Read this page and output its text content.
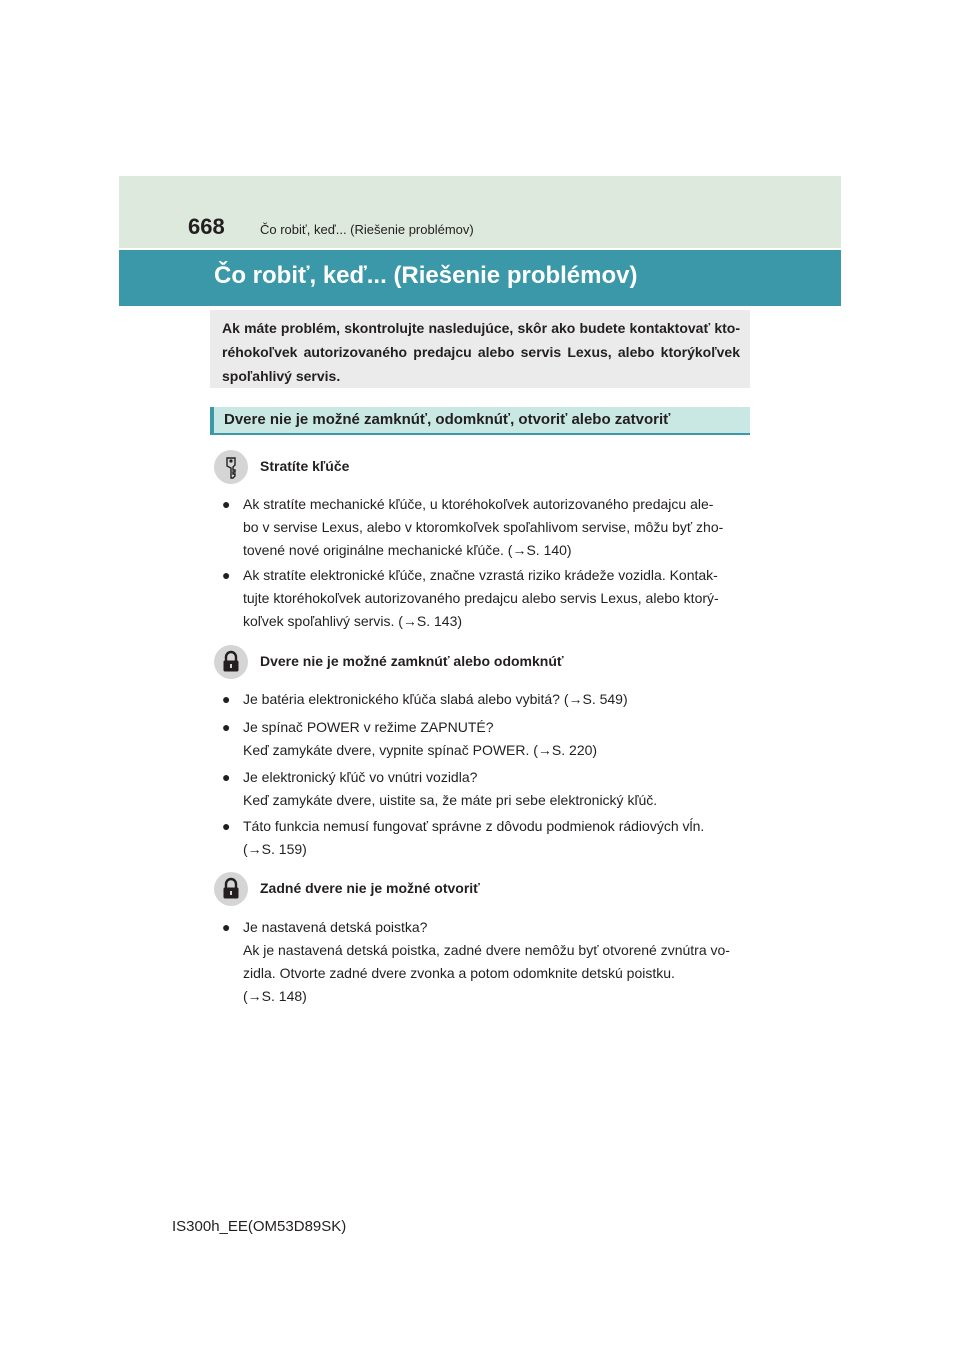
668	Čo robiť, keď... (Riešenie problémov)
Čo robiť, keď... (Riešenie problémov)
Ak máte problém, skontrolujte nasledujúce, skôr ako budete kontaktovať kto-réhokoľvek autorizovaného predajcu alebo servis Lexus, alebo ktorýkoľvek spoľahlivý servis.
Dvere nie je možné zamknúť, odomknúť, otvoriť alebo zatvoriť
Stratíte kľúče
● Ak stratíte mechanické kľúče, u ktoréhokoľvek autorizovaného predajcu ale-
bo v servise Lexus, alebo v ktoromkoľvek spoľahlivom servise, môžu byť zho-
tovené nové originálne mechanické kľúče. (→S. 140)
● Ak stratíte elektronické kľúče, značne vzrastá riziko krádeže vozidla. Kontak-
tujte ktoréhokoľvek autorizovaného predajcu alebo servis Lexus, alebo ktorý-
koľvek spoľahlivý servis. (→S. 143)
Dvere nie je možné zamknúť alebo odomknúť
● Je batéria elektronického kľúča slabá alebo vybitá? (→S. 549)
● Je spínač POWER v režime ZAPNUTÉ?
Keď zamykáte dvere, vypnite spínač POWER. (→S. 220)
● Je elektronický kľúč vo vnútri vozidla?
Keď zamykáte dvere, uistite sa, že máte pri sebe elektronický kľúč.
● Táto funkcia nemusí fungovať správne z dôvodu podmienok rádiových vĺn.
(→S. 159)
Zadné dvere nie je možné otvoriť
● Je nastavená detská poistka?
Ak je nastavená detská poistka, zadné dvere nemôžu byť otvorené zvnútra vo-
zidla. Otvorte zadné dvere zvonka a potom odomknite detskú poistku.
(→S. 148)
IS300h_EE(OM53D89SK)
